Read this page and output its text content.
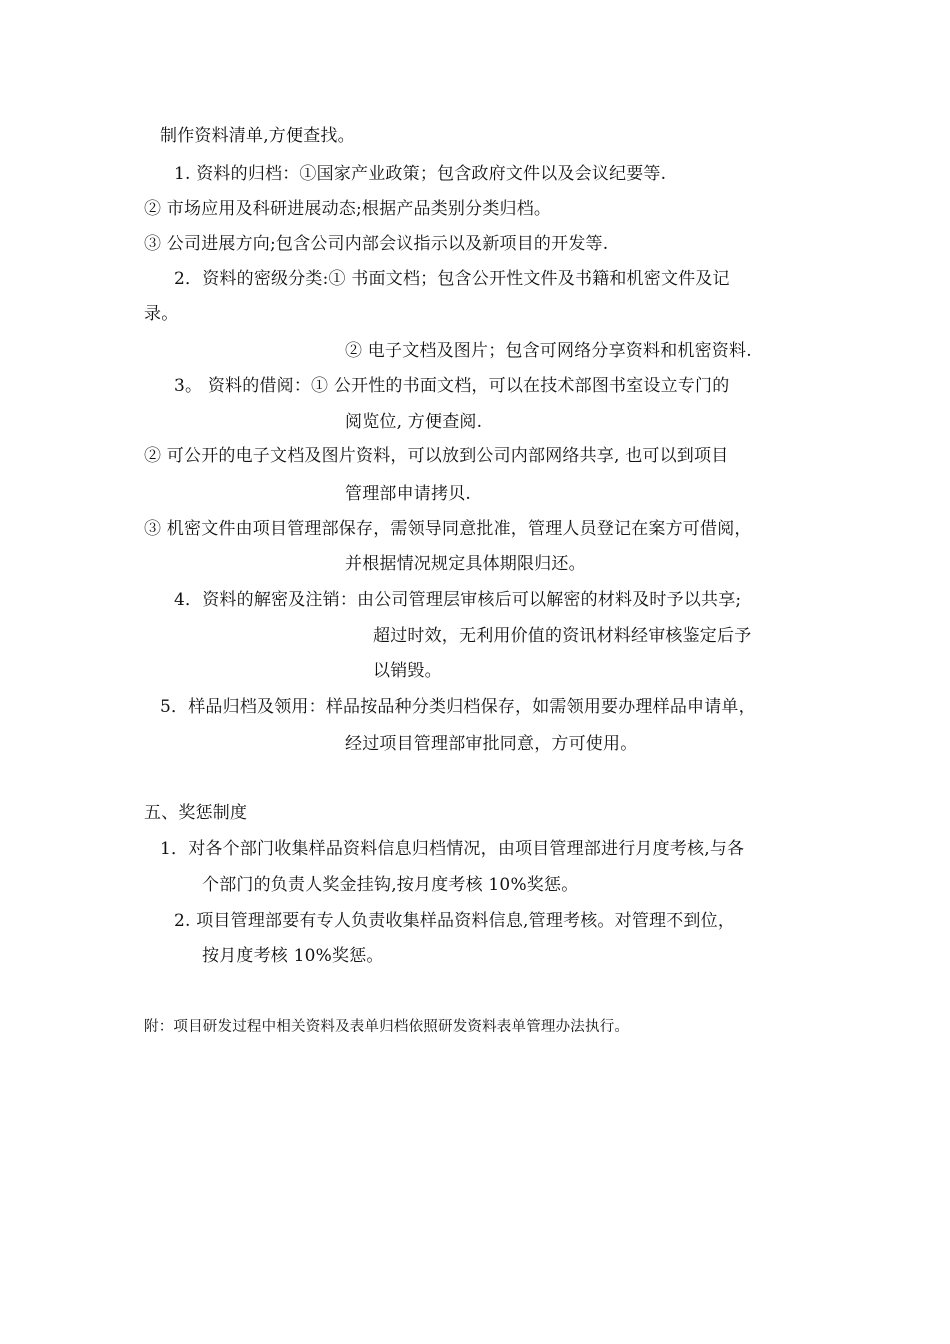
制作资料清单,方便查找。
1. 资料的归档：①国家产业政策；包含政府文件以及会议纪要等.
② 市场应用及科研进展动态;根据产品类别分类归档。
③ 公司进展方向;包含公司内部会议指示以及新项目的开发等.
2．资料的密级分类:① 书面文档；包含公开性文件及书籍和机密文件及记
录。
② 电子文档及图片；包含可网络分享资料和机密资料.
3。 资料的借阅：① 公开性的书面文档，可以在技术部图书室设立专门的
阅览位, 方便查阅.
② 可公开的电子文档及图片资料，可以放到公司内部网络共享, 也可以到项目
管理部申请拷贝.
③ 机密文件由项目管理部保存，需领导同意批准，管理人员登记在案方可借阅，
并根据情况规定具体期限归还。
4．资料的解密及注销：由公司管理层审核后可以解密的材料及时予以共享;
超过时效，无利用价值的资讯材料经审核鉴定后予
以销毁。
5．样品归档及领用：样品按品种分类归档保存，如需领用要办理样品申请单，
经过项目管理部审批同意，方可使用。
五、奖惩制度
1．对各个部门收集样品资料信息归档情况，由项目管理部进行月度考核,与各
个部门的负责人奖金挂钩,按月度考核 10%奖惩。
2. 项目管理部要有专人负责收集样品资料信息,管理考核。对管理不到位，
按月度考核 10%奖惩。
附：项目研发过程中相关资料及表单归档依照研发资料表单管理办法执行。
